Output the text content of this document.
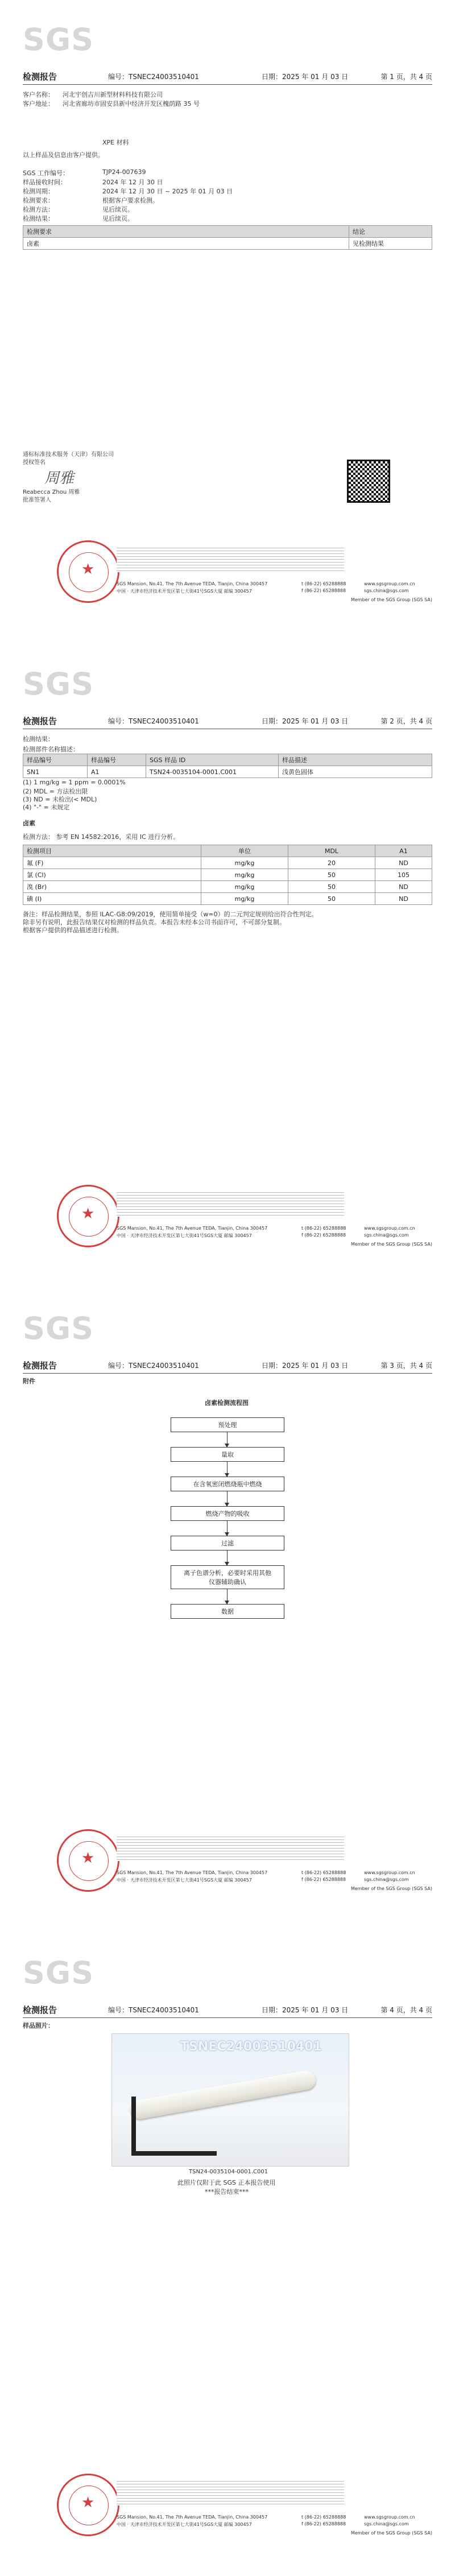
SGS
检测报告	编号：TSNEC24003510401	日期：2025 年 01 月 03 日	第 1 页，共 4 页
客户名称： 河北宇创吉川新型材料科技有限公司
客户地址： 河北省廊坊市固安县新中经济开发区槐荫路 35 号
XPE 材料
以上样品及信息由客户提供。
SGS 工作编号：	TJP24-007639
样品接收时间：	2024 年 12 月 30 日
检测周期：	2024 年 12 月 30 日 ~ 2025 年 01 月 03 日
检测要求：	根据客户要求检测。
检测方法：	见后续页。
检测结果：	见后续页。
检测要求	结论
卤素	见检测结果
通标标准技术服务（天津）有限公司
授权签名
周雅
Reabecca Zhou 周雅
批准签署人
★
SGS Mansion, No.41, The 7th Avenue TEDA, Tianjin, China 300457
中国 · 天津市经济技术开发区第七大街41号SGS大厦 邮编 300457
t (86-22) 65288888
f (86-22) 65288888
www.sgsgroup.com.cn
sgs.china@sgs.com
Member of the SGS Group (SGS SA)
SGS
检测报告	编号：TSNEC24003510401	日期：2025 年 01 月 03 日	第 2 页，共 4 页
检测结果：
检测部件名称描述：
样品编号	样品编号	SGS 样品 ID	样品描述
SN1	A1	TSN24-0035104-0001.C001	浅黄色固体
(1) 1 mg/kg = 1 ppm = 0.0001%
(2) MDL = 方法检出限
(3) ND = 未检出(< MDL)
(4) "-" = 未规定
卤素
检测方法： 参考 EN 14582:2016，采用 IC 进行分析。
检测项目	单位	MDL	A1
氟 (F)	mg/kg	20	ND
氯 (Cl)	mg/kg	50	105
溴 (Br)	mg/kg	50	ND
碘 (I)	mg/kg	50	ND
备注：样品检测结果，参照 ILAC-G8:09/2019，使用简单接受（w=0）的二元判定规则给出符合性判定。
除非另有说明，此报告结果仅对检测的样品负责。本报告未经本公司书面许可，不可部分复制。
根据客户提供的样品描述进行检测。
★
SGS Mansion, No.41, The 7th Avenue TEDA, Tianjin, China 300457
中国 · 天津市经济技术开发区第七大街41号SGS大厦 邮编 300457
t (86-22) 65288888
f (86-22) 65288888
www.sgsgroup.com.cn
sgs.china@sgs.com
Member of the SGS Group (SGS SA)
SGS
检测报告	编号：TSNEC24003510401	日期：2025 年 01 月 03 日	第 3 页，共 4 页
附件
卤素检测流程图
预处理
量取
在含氧密闭燃烧瓶中燃烧
燃烧产物的吸收
过滤
离子色谱分析，必要时采用其他仪器辅助确认
数据
★
SGS Mansion, No.41, The 7th Avenue TEDA, Tianjin, China 300457
中国 · 天津市经济技术开发区第七大街41号SGS大厦 邮编 300457
t (86-22) 65288888
f (86-22) 65288888
www.sgsgroup.com.cn
sgs.china@sgs.com
Member of the SGS Group (SGS SA)
SGS
检测报告	编号：TSNEC24003510401	日期：2025 年 01 月 03 日	第 4 页，共 4 页
样品照片：
TSNEC24003510401
TSN24-0035104-0001.C001
此照片仅附于此 SGS 正本报告使用
***报告结束***
★
SGS Mansion, No.41, The 7th Avenue TEDA, Tianjin, China 300457
中国 · 天津市经济技术开发区第七大街41号SGS大厦 邮编 300457
t (86-22) 65288888
f (86-22) 65288888
www.sgsgroup.com.cn
sgs.china@sgs.com
Member of the SGS Group (SGS SA)
